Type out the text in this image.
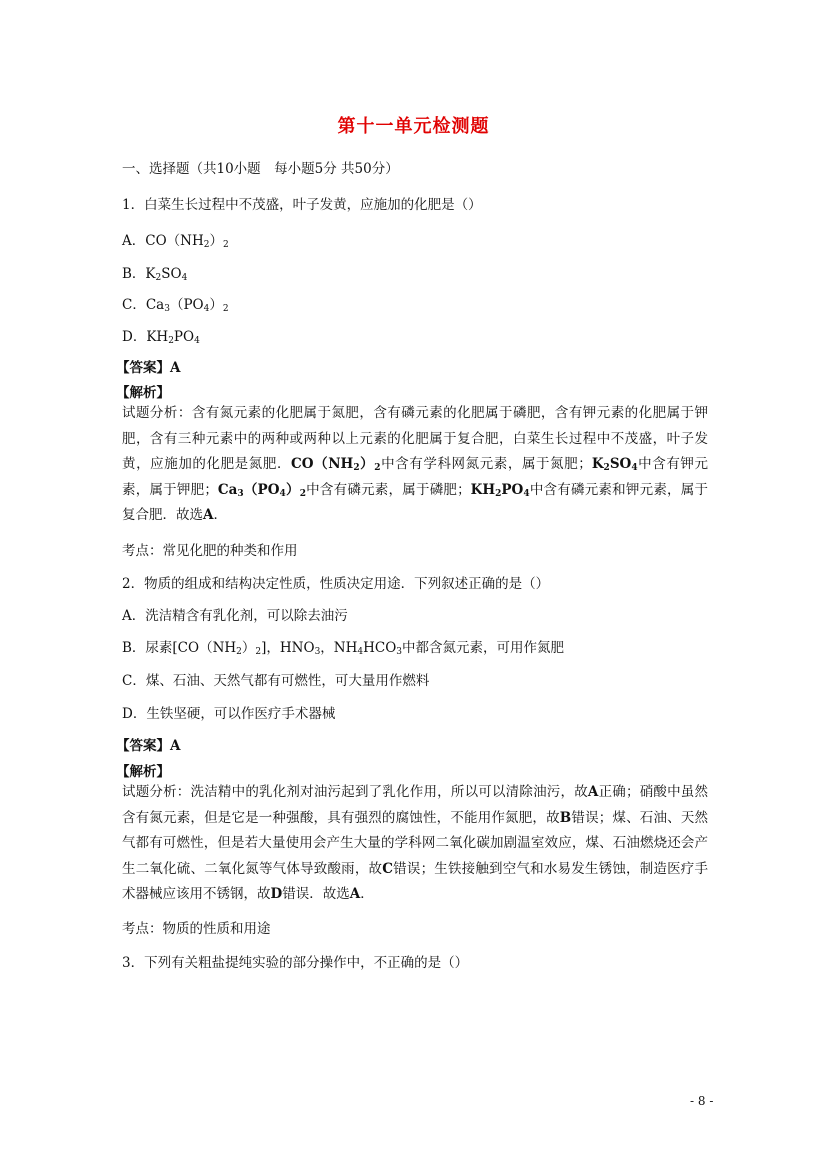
第十一单元检测题
一、选择题（共10小题　每小题5分 共50分）
1．白菜生长过程中不茂盛，叶子发黄，应施加的化肥是（）
A．$CO(NH_2)_2$
B．$K_2SO_4$
C．$Ca_3(PO_4)_2$
D．$KH_2PO_4$
【答案】A
【解析】
试题分析：含有氮元素的化肥属于氮肥，含有磷元素的化肥属于磷肥，含有钾元素的化肥属于钾肥，含有三种元素中的两种或两种以上元素的化肥属于复合肥，白菜生长过程中不茂盛，叶子发黄，应施加的化肥是氮肥．$CO(NH_2)_2$中含有学科网氮元素，属于氮肥；$K_2SO_4$中含有钾元素，属于钾肥；$Ca_3(PO_4)_2$中含有磷元素，属于磷肥；$KH_2PO_4$中含有磷元素和钾元素，属于复合肥．故选A．
考点：常见化肥的种类和作用
2．物质的组成和结构决定性质，性质决定用途．下列叙述正确的是（）
A．洗洁精含有乳化剂，可以除去油污
B．尿素$[CO(NH_2)_2]$，$HNO_3$，$NH_4HCO_3$中都含氮元素，可用作氮肥
C．煤、石油、天然气都有可燃性，可大量用作燃料
D．生铁坚硬，可以作医疗手术器械
【答案】A
【解析】
试题分析：洗洁精中的乳化剂对油污起到了乳化作用，所以可以清除油污，故A正确；硝酸中虽然含有氮元素，但是它是一种强酸，具有强烈的腐蚀性，不能用作氮肥，故B错误；煤、石油、天然气都有可燃性，但是若大量使用会产生大量的学科网二氧化碳加剧温室效应，煤、石油燃烧还会产生二氧化硫、二氧化氮等气体导致酸雨，故C错误；生铁接触到空气和水易发生锈蚀，制造医疗手术器械应该用不锈钢，故D错误．故选A．
考点：物质的性质和用途
3．下列有关粗盐提纯实验的部分操作中，不正确的是（）
- 8 -
